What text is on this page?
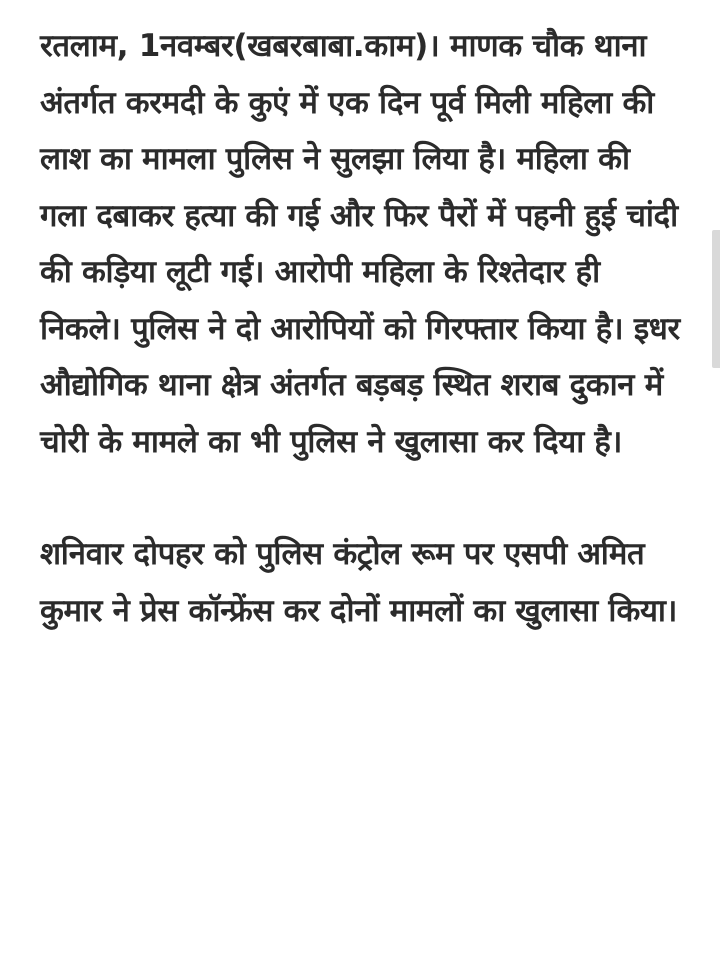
रतलाम, 1नवम्बर(खबरबाबा.काम)। माणक चौक थाना अंतर्गत करमदी के कुएं में एक दिन पूर्व मिली महिला की लाश का मामला पुलिस ने सुलझा लिया है। महिला की गला दबाकर हत्या की गई और फिर पैरों में पहनी हुई चांदी की कड़िया लूटी गई। आरोपी महिला के रिश्तेदार ही निकले। पुलिस ने दो आरोपियों को गिरफ्तार किया है। इधर औद्योगिक थाना क्षेत्र अंतर्गत बड़बड़ स्थित शराब दुकान में चोरी के मामले का भी पुलिस ने खुलासा कर दिया है।

शनिवार दोपहर को पुलिस कंट्रोल रूम पर एसपी अमित कुमार ने प्रेस कॉन्फ्रेंस कर दोनों मामलों का खुलासा किया।
